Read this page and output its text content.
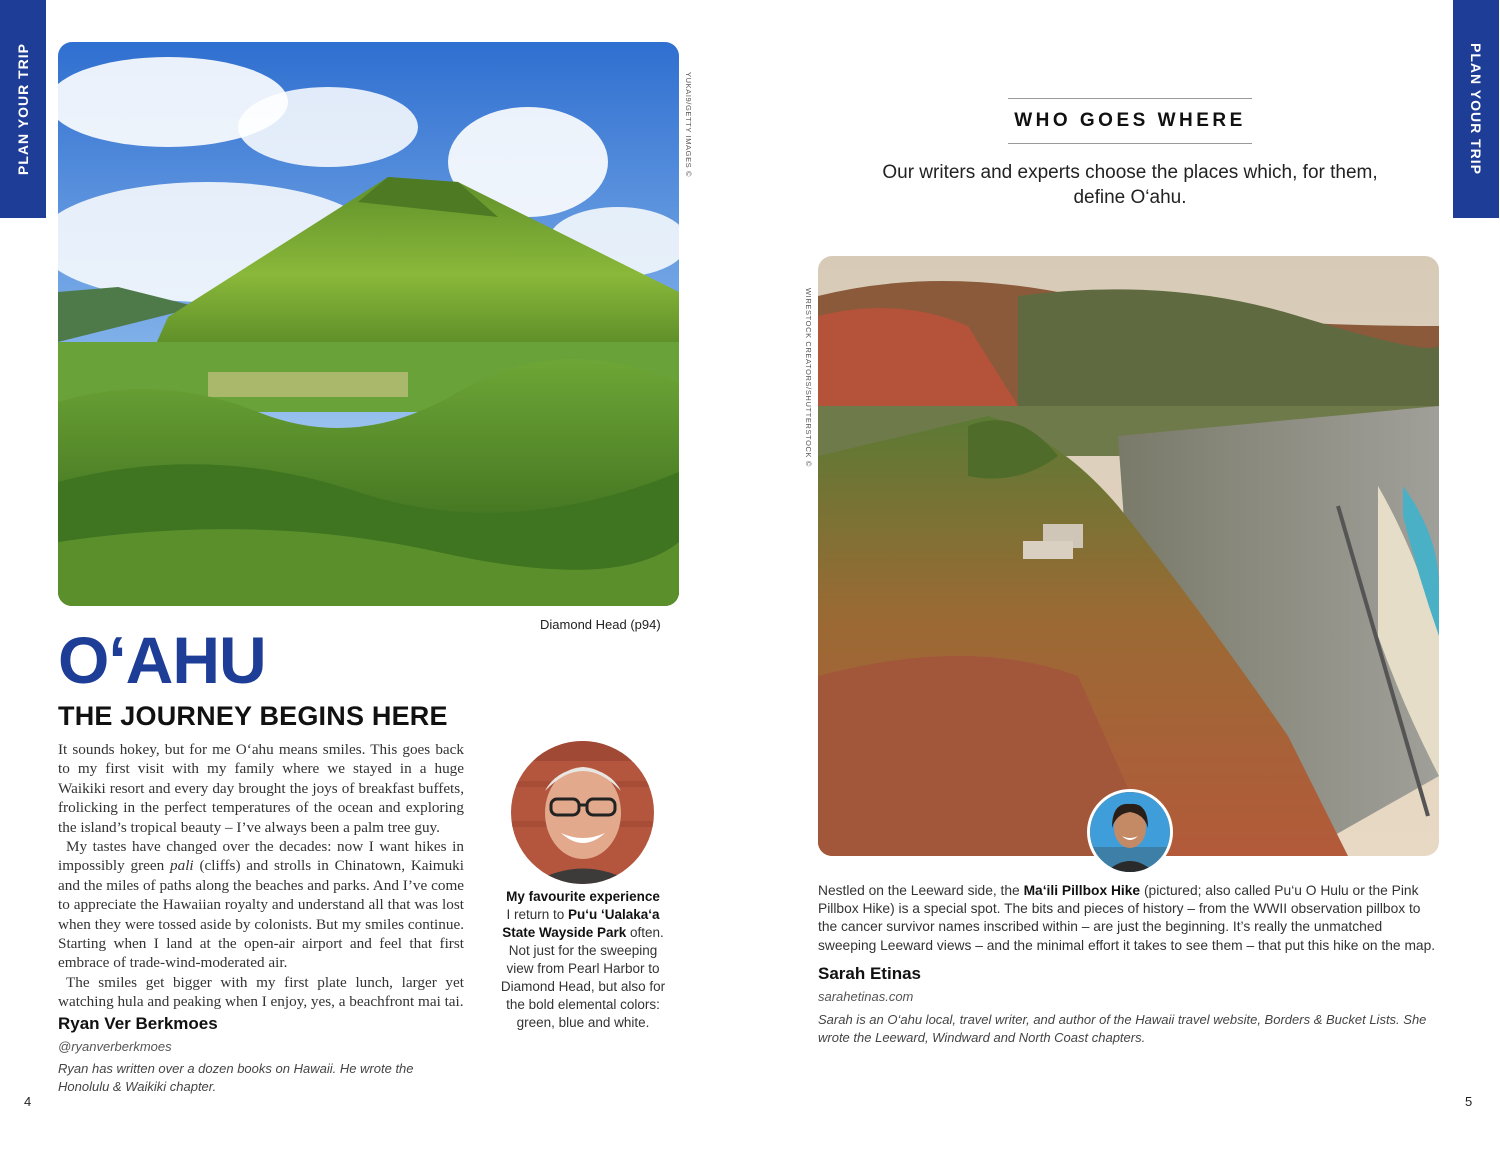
PLAN YOUR TRIP	PLAN YOUR TRIP
YUKAI9/GETTY IMAGES ©
Diamond Head (p94)
O‘AHU
THE JOURNEY BEGINS HERE

It sounds hokey, but for me O‘ahu means smiles. This goes back to my first visit with my family where we stayed in a huge Waikiki resort and every day brought the joys of breakfast buffets, frolicking in the perfect temperatures of the ocean and exploring the island’s tropical beauty – I’ve always been a palm tree guy.

My tastes have changed over the decades: now I want hikes in impossibly green pali (cliffs) and strolls in Chinatown, Kaimuki and the miles of paths along the beaches and parks. And I’ve come to appreciate the Hawaiian royalty and understand all that was lost when they were tossed aside by colonists. But my smiles continue. Starting when I land at the open-air airport and feel that first embrace of trade-wind-moderated air.

The smiles get bigger with my first plate lunch, larger yet watching hula and peaking when I enjoy, yes, a beachfront mai tai.

Ryan Ver Berkmoes
@ryanverberkmoes
Ryan has written over a dozen books on Hawaii. He wrote the Honolulu & Waikiki chapter.
My favourite experience
I return to Pu‘u ‘Ualaka‘a State Wayside Park often. Not just for the sweeping view from Pearl Harbor to Diamond Head, but also for the bold elemental colors: green, blue and white.
WHO GOES WHERE
Our writers and experts choose the places which, for them, define O‘ahu.
WIRESTOCK CREATORS/SHUTTERSTOCK ©
Nestled on the Leeward side, the Ma‘ili Pillbox Hike (pictured; also called Pu‘u O Hulu or the Pink Pillbox Hike) is a special spot. The bits and pieces of history – from the WWII observation pillbox to the cancer survivor names inscribed within – are just the beginning. It’s really the unmatched sweeping Leeward views – and the minimal effort it takes to see them – that put this hike on the map.
Sarah Etinas
sarahetinas.com
Sarah is an O‘ahu local, travel writer, and author of the Hawaii travel website, Borders & Bucket Lists. She wrote the Leeward, Windward and North Coast chapters.
4	5
